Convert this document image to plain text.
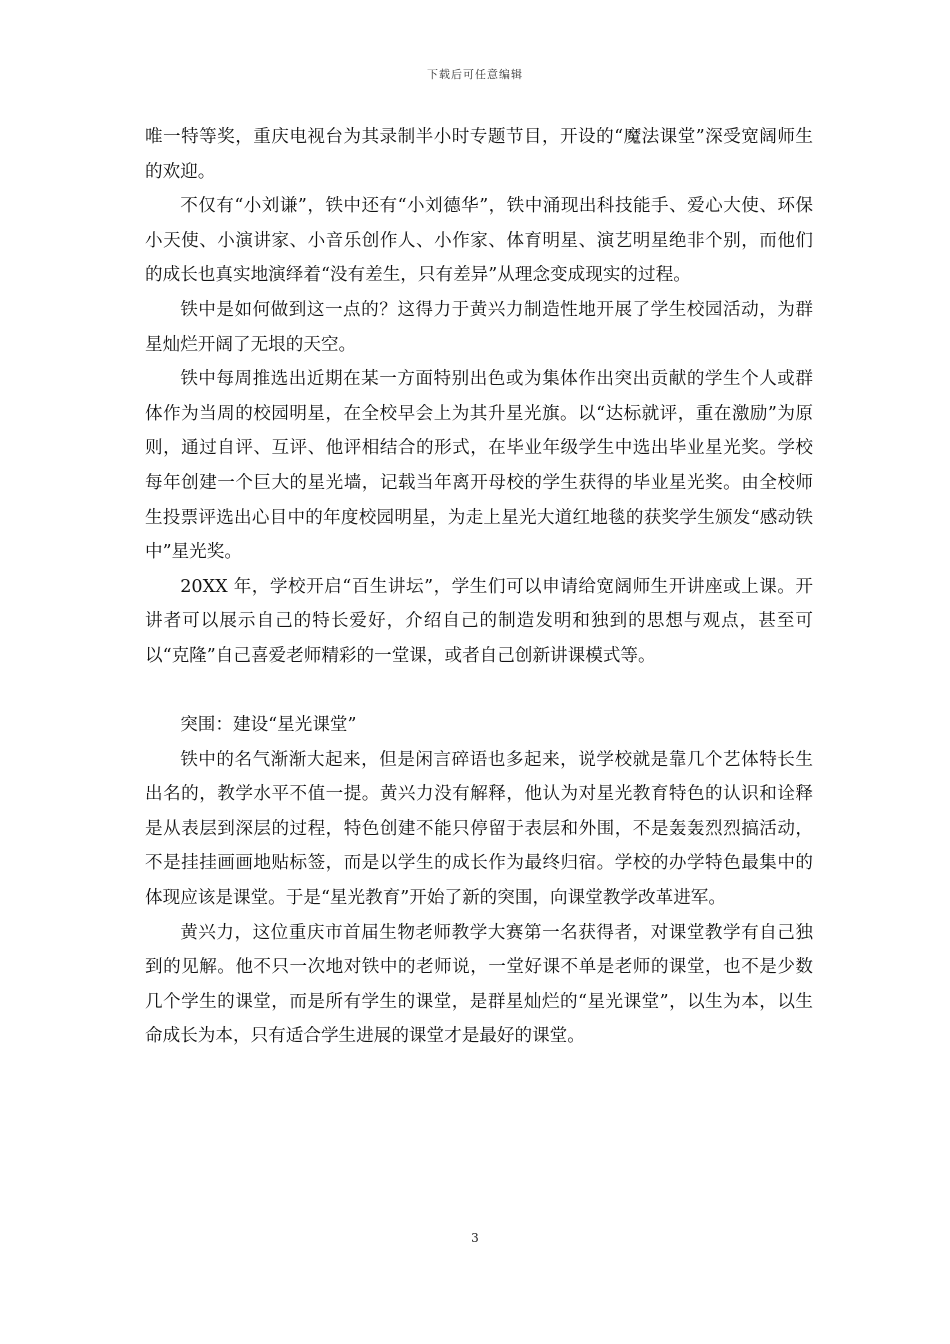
下载后可任意编辑

唯一特等奖，重庆电视台为其录制半小时专题节目，开设的“魔法课堂”深受宽阔师生的欢迎。

不仅有“小刘谦”，铁中还有“小刘德华”，铁中涌现出科技能手、爱心大使、环保小天使、小演讲家、小音乐创作人、小作家、体育明星、演艺明星绝非个别，而他们的成长也真实地演绎着“没有差生，只有差异”从理念变成现实的过程。

铁中是如何做到这一点的？这得力于黄兴力制造性地开展了学生校园活动，为群星灿烂开阔了无垠的天空。

铁中每周推选出近期在某一方面特别出色或为集体作出突出贡献的学生个人或群体作为当周的校园明星，在全校早会上为其升星光旗。以“达标就评，重在激励”为原则，通过自评、互评、他评相结合的形式，在毕业年级学生中选出毕业星光奖。学校每年创建一个巨大的星光墙，记载当年离开母校的学生获得的毕业星光奖。由全校师生投票评选出心目中的年度校园明星，为走上星光大道红地毯的获奖学生颁发“感动铁中”星光奖。

20XX 年，学校开启“百生讲坛”，学生们可以申请给宽阔师生开讲座或上课。开讲者可以展示自己的特长爱好，介绍自己的制造发明和独到的思想与观点，甚至可以“克隆”自己喜爱老师精彩的一堂课，或者自己创新讲课模式等。

突围：建设“星光课堂”

铁中的名气渐渐大起来，但是闲言碎语也多起来，说学校就是靠几个艺体特长生出名的，教学水平不值一提。黄兴力没有解释，他认为对星光教育特色的认识和诠释是从表层到深层的过程，特色创建不能只停留于表层和外围，不是轰轰烈烈搞活动，不是挂挂画画地贴标签，而是以学生的成长作为最终归宿。学校的办学特色最集中的体现应该是课堂。于是“星光教育”开始了新的突围，向课堂教学改革进军。

黄兴力，这位重庆市首届生物老师教学大赛第一名获得者，对课堂教学有自己独到的见解。他不只一次地对铁中的老师说，一堂好课不单是老师的课堂，也不是少数几个学生的课堂，而是所有学生的课堂，是群星灿烂的“星光课堂”，以生为本，以生命成长为本，只有适合学生进展的课堂才是最好的课堂。

3
